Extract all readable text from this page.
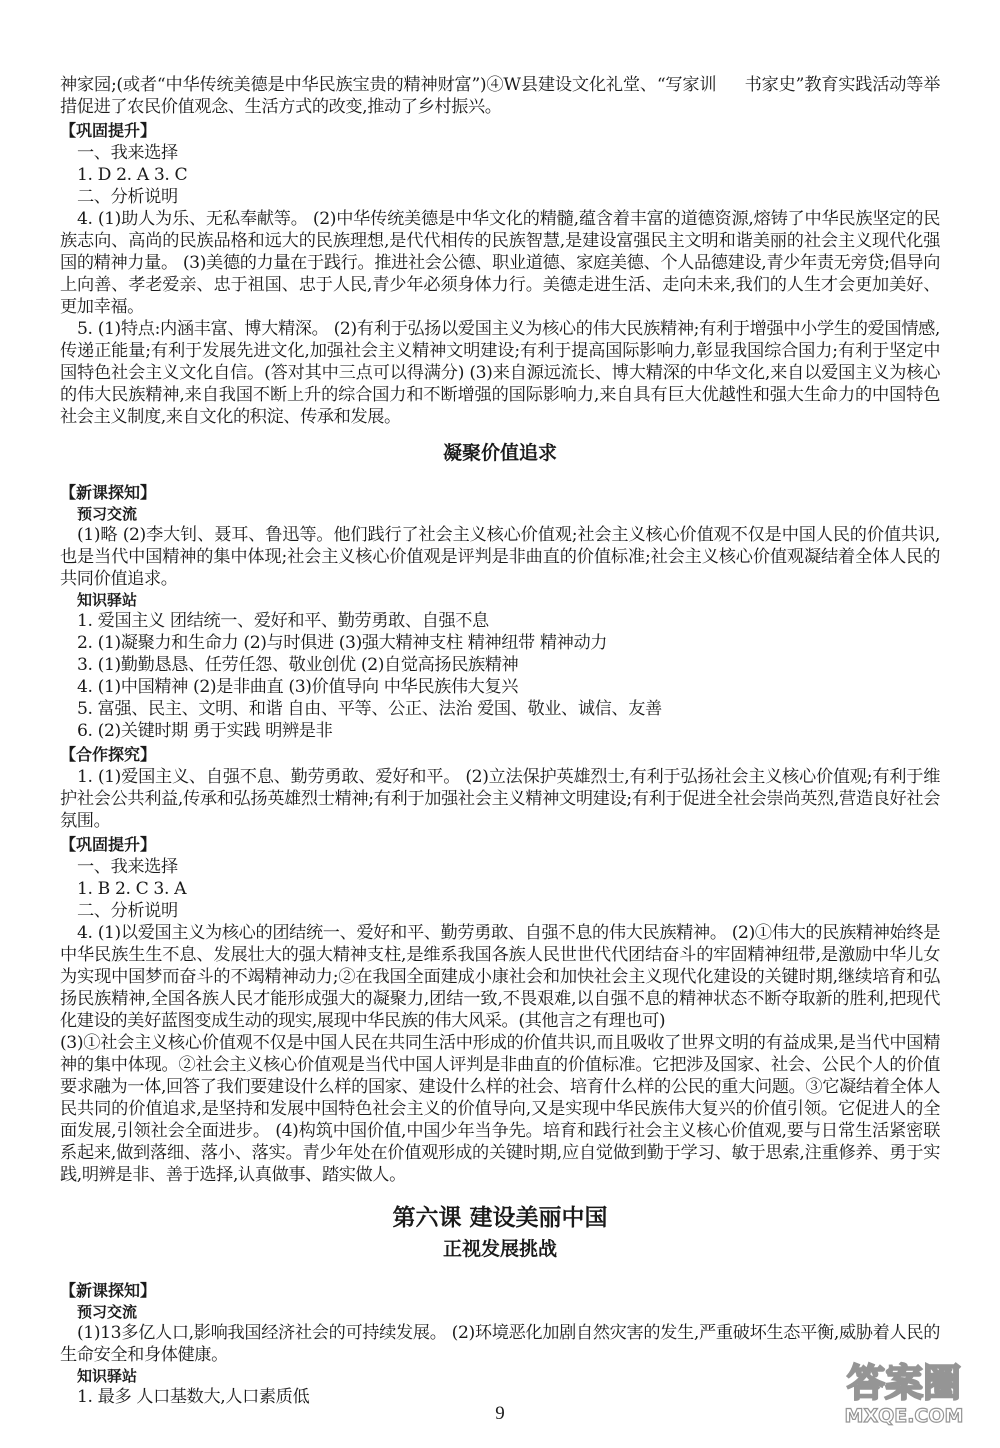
神家园;(或者“中华传统美德是中华民族宝贵的精神财富”)④W县建设文化礼堂、“写家训 书家史”教育实践活动等举措促进了农民价值观念、生活方式的改变,推动了乡村振兴。

【巩固提升】

一、我来选择

1. D 2. A 3. C

二、分析说明

4. (1)助人为乐、无私奉献等。 (2)中华传统美德是中华文化的精髓,蕴含着丰富的道德资源,熔铸了中华民族坚定的民族志向、高尚的民族品格和远大的民族理想,是代代相传的民族智慧,是建设富强民主文明和谐美丽的社会主义现代化强国的精神力量。 (3)美德的力量在于践行。推进社会公德、职业道德、家庭美德、个人品德建设,青少年责无旁贷;倡导向上向善、孝老爱亲、忠于祖国、忠于人民,青少年必须身体力行。美德走进生活、走向未来,我们的人生才会更加美好、更加幸福。

5. (1)特点:内涵丰富、博大精深。 (2)有利于弘扬以爱国主义为核心的伟大民族精神;有利于增强中小学生的爱国情感,传递正能量;有利于发展先进文化,加强社会主义精神文明建设;有利于提高国际影响力,彰显我国综合国力;有利于坚定中国特色社会主义文化自信。(答对其中三点可以得满分) (3)来自源远流长、博大精深的中华文化,来自以爱国主义为核心的伟大民族精神,来自我国不断上升的综合国力和不断增强的国际影响力,来自具有巨大优越性和强大生命力的中国特色社会主义制度,来自文化的积淀、传承和发展。

凝聚价值追求

【新课探知】

预习交流

(1)略 (2)李大钊、聂耳、鲁迅等。他们践行了社会主义核心价值观;社会主义核心价值观不仅是中国人民的价值共识,也是当代中国精神的集中体现;社会主义核心价值观是评判是非曲直的价值标准;社会主义核心价值观凝结着全体人民的共同价值追求。

知识驿站

1. 爱国主义 团结统一、爱好和平、勤劳勇敢、自强不息

2. (1)凝聚力和生命力 (2)与时俱进 (3)强大精神支柱 精神纽带 精神动力

3. (1)勤勤恳恳、任劳任怨、敬业创优 (2)自觉高扬民族精神

4. (1)中国精神 (2)是非曲直 (3)价值导向 中华民族伟大复兴

5. 富强、民主、文明、和谐 自由、平等、公正、法治 爱国、敬业、诚信、友善

6. (2)关键时期 勇于实践 明辨是非

【合作探究】

1. (1)爱国主义、自强不息、勤劳勇敢、爱好和平。 (2)立法保护英雄烈士,有利于弘扬社会主义核心价值观;有利于维护社会公共利益,传承和弘扬英雄烈士精神;有利于加强社会主义精神文明建设;有利于促进全社会崇尚英烈,营造良好社会氛围。

【巩固提升】

一、我来选择

1. B 2. C 3. A

二、分析说明

4. (1)以爱国主义为核心的团结统一、爱好和平、勤劳勇敢、自强不息的伟大民族精神。 (2)①伟大的民族精神始终是中华民族生生不息、发展壮大的强大精神支柱,是维系我国各族人民世世代代团结奋斗的牢固精神纽带,是激励中华儿女为实现中国梦而奋斗的不竭精神动力;②在我国全面建成小康社会和加快社会主义现代化建设的关键时期,继续培育和弘扬民族精神,全国各族人民才能形成强大的凝聚力,团结一致,不畏艰难,以自强不息的精神状态不断夺取新的胜利,把现代化建设的美好蓝图变成生动的现实,展现中华民族的伟大风采。(其他言之有理也可)

(3)①社会主义核心价值观不仅是中国人民在共同生活中形成的价值共识,而且吸收了世界文明的有益成果,是当代中国精神的集中体现。②社会主义核心价值观是当代中国人评判是非曲直的价值标准。它把涉及国家、社会、公民个人的价值要求融为一体,回答了我们要建设什么样的国家、建设什么样的社会、培育什么样的公民的重大问题。③它凝结着全体人民共同的价值追求,是坚持和发展中国特色社会主义的价值导向,又是实现中华民族伟大复兴的价值引领。它促进人的全面发展,引领社会全面进步。 (4)构筑中国价值,中国少年当争先。培育和践行社会主义核心价值观,要与日常生活紧密联系起来,做到落细、落小、落实。青少年处在价值观形成的关键时期,应自觉做到勤于学习、敏于思索,注重修养、勇于实践,明辨是非、善于选择,认真做事、踏实做人。

第六课 建设美丽中国

正视发展挑战

【新课探知】

预习交流

(1)13多亿人口,影响我国经济社会的可持续发展。 (2)环境恶化加剧自然灾害的发生,严重破坏生态平衡,威胁着人民的生命安全和身体健康。

知识驿站

1. 最多 人口基数大,人口素质低

9
答案圈
MXQE.COM
